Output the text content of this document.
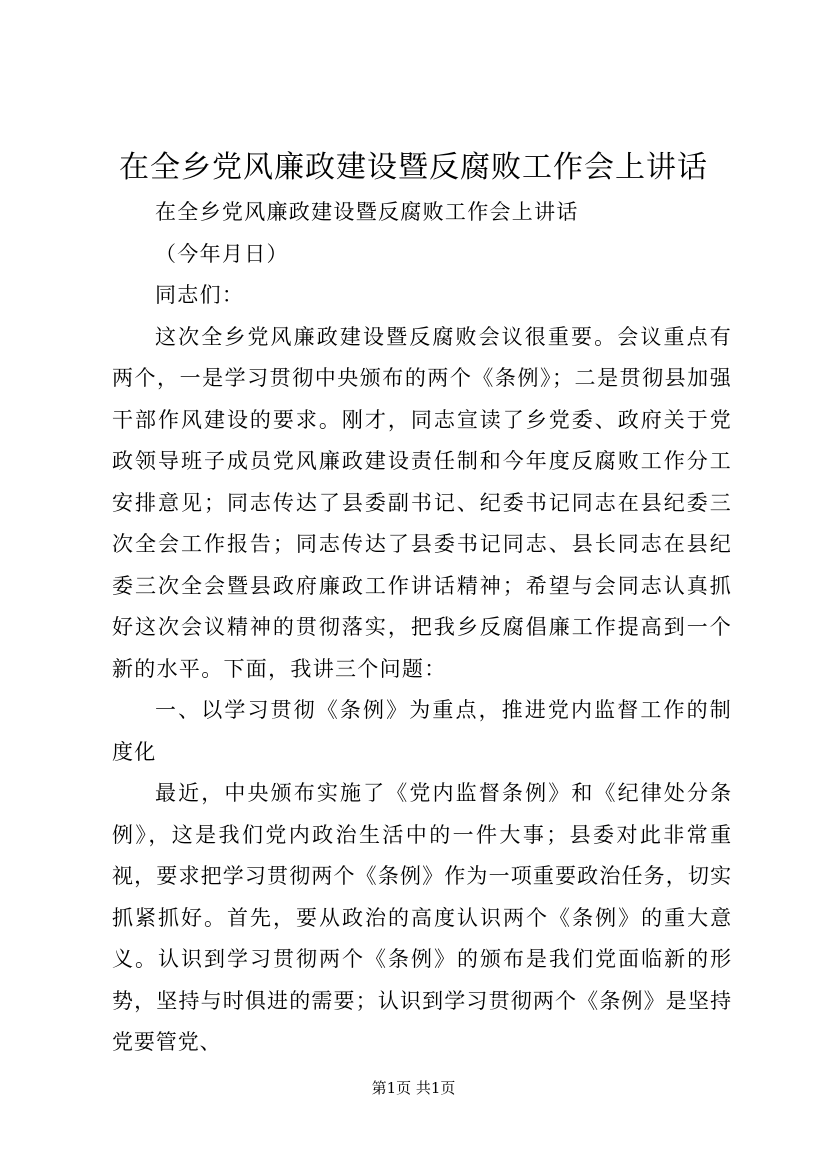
在全乡党风廉政建设暨反腐败工作会上讲话

在全乡党风廉政建设暨反腐败工作会上讲话

（今年月日）

同志们：

这次全乡党风廉政建设暨反腐败会议很重要。会议重点有两个，一是学习贯彻中央颁布的两个《条例》；二是贯彻县加强干部作风建设的要求。刚才，同志宣读了乡党委、政府关于党政领导班子成员党风廉政建设责任制和今年度反腐败工作分工安排意见；同志传达了县委副书记、纪委书记同志在县纪委三次全会工作报告；同志传达了县委书记同志、县长同志在县纪委三次全会暨县政府廉政工作讲话精神；希望与会同志认真抓好这次会议精神的贯彻落实，把我乡反腐倡廉工作提高到一个新的水平。下面，我讲三个问题：

一、以学习贯彻《条例》为重点，推进党内监督工作的制度化

最近，中央颁布实施了《党内监督条例》和《纪律处分条例》，这是我们党内政治生活中的一件大事；县委对此非常重视，要求把学习贯彻两个《条例》作为一项重要政治任务，切实抓紧抓好。首先，要从政治的高度认识两个《条例》的重大意义。认识到学习贯彻两个《条例》的颁布是我们党面临新的形势，坚持与时俱进的需要；认识到学习贯彻两个《条例》是坚持党要管党、

第1页 共1页
